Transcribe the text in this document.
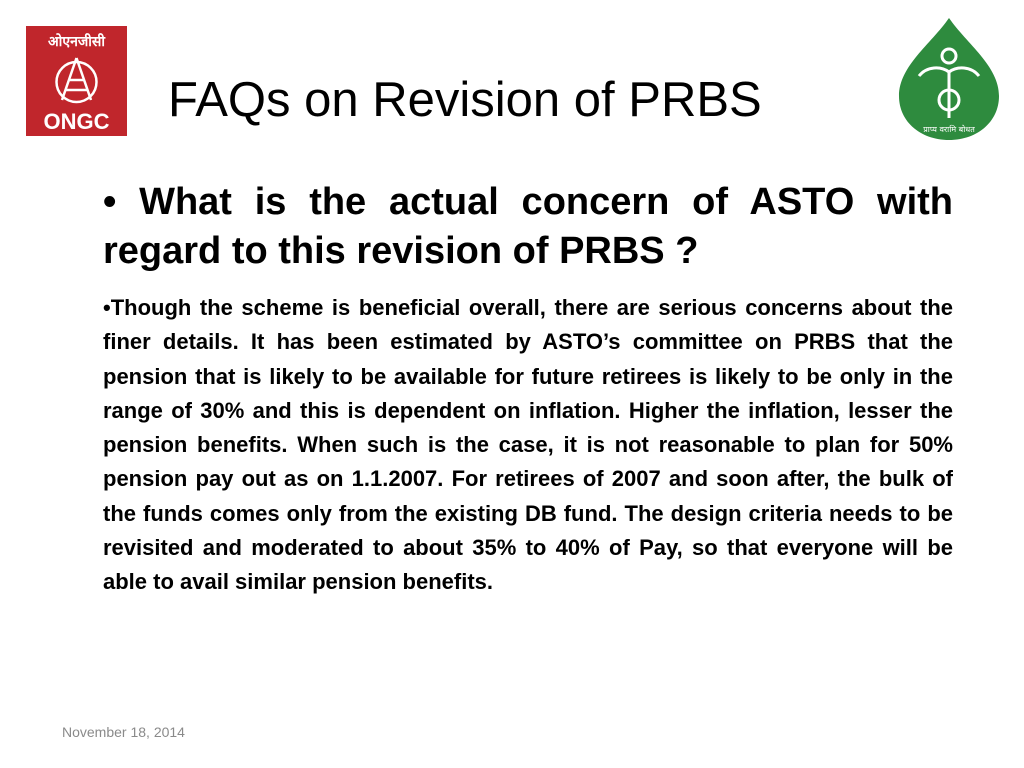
ओएनजीसी
ONGC FAQs on Revision of PRBS
प्राप्य वरामि बोधत

• What is the actual concern of ASTO with regard to this revision of PRBS ?

•Though the scheme is beneficial overall, there are serious concerns about the finer details. It has been estimated by ASTO’s committee on PRBS that the pension that is likely to be available for future retirees is likely to be only in the range of 30% and this is dependent on inflation. Higher the inflation, lesser the pension benefits. When such is the case, it is not reasonable to plan for 50% pension pay out as on 1.1.2007. For retirees of 2007 and soon after, the bulk of the funds comes only from the existing DB fund. The design criteria needs to be revisited and moderated to about 35% to 40% of Pay, so that everyone will be able to avail similar pension benefits.

November 18, 2014
